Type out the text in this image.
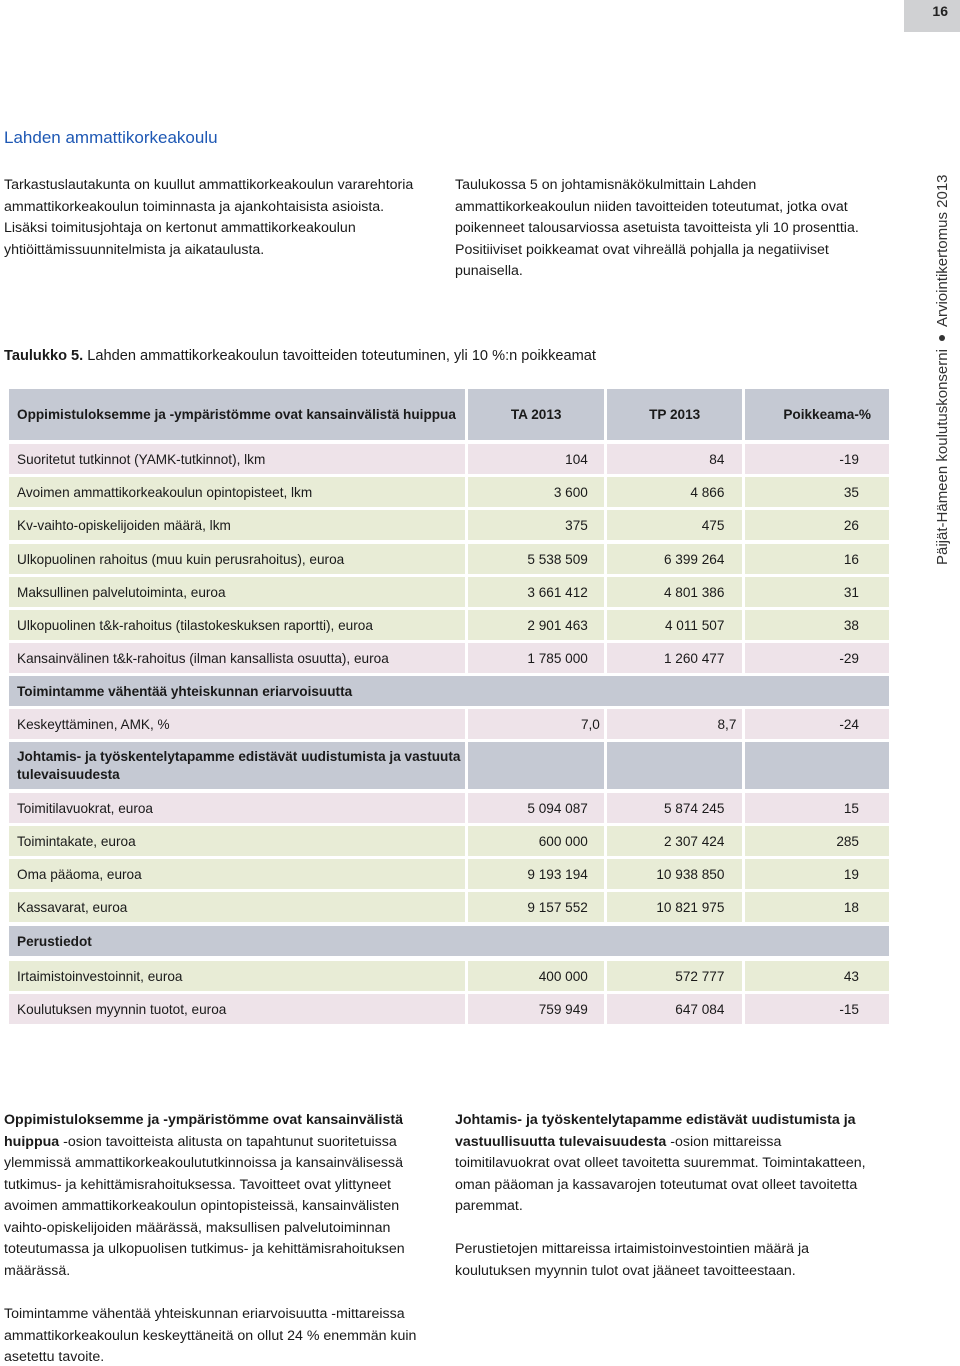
16
Päijät-Hämeen koulutuskonserniArviointikertomus 2013
Lahden ammattikorkeakoulu
Tarkastuslautakunta on kuullut ammattikorkeakoulun vararehtoria ammattikorkeakoulun toiminnasta ja ajankohtaisista asioista. Lisäksi toimitusjohtaja on kertonut ammattikorkeakoulun yhtiöittämissuunnitelmista ja aikataulusta.
Taulukossa 5 on johtamisnäkökulmittain Lahden ammattikorkeakoulun niiden tavoitteiden toteutumat, jotka ovat poikenneet talousarviossa asetuista tavoitteista yli 10 prosenttia. Positiiviset poikkeamat ovat vihreällä pohjalla ja negatiiviset punaisella.
Taulukko 5. Lahden ammattikorkeakoulun tavoitteiden toteutuminen, yli 10 %:n poikkeamat
Oppimistuloksemme ja -ympäristömme ovat kansainvälistä huippua	TA 2013	TP 2013	Poikkeama-%
Suoritetut tutkinnot (YAMK-tutkinnot), lkm	104	84	-19
Avoimen ammattikorkeakoulun opintopisteet, lkm	3 600	4 866	35
Kv-vaihto-opiskelijoiden määrä, lkm	375	475	26
Ulkopuolinen rahoitus (muu kuin perusrahoitus), euroa	5 538 509	6 399 264	16
Maksullinen palvelutoiminta, euroa	3 661 412	4 801 386	31
Ulkopuolinen t&k-rahoitus (tilastokeskuksen raportti), euroa	2 901 463	4 011 507	38
Kansainvälinen t&k-rahoitus (ilman kansallista osuutta), euroa	1 785 000	1 260 477	-29
Toimintamme vähentää yhteiskunnan eriarvoisuutta
Keskeyttäminen, AMK, %	7,0	8,7	-24
Johtamis- ja työskentelytapamme edistävät uudistumista ja vastuuta tulevaisuudesta
Toimitilavuokrat, euroa	5 094 087	5 874 245	15
Toimintakate, euroa	600 000	2 307 424	285
Oma pääoma, euroa	9 193 194	10 938 850	19
Kassavarat, euroa	9 157 552	10 821 975	18
Perustiedot
Irtaimistoinvestoinnit, euroa	400 000	572 777	43
Koulutuksen myynnin tuotot, euroa	759 949	647 084	-15
Oppimistuloksemme ja -ympäristömme ovat kansainvälistä huippua -osion tavoitteista alitusta on tapahtunut suoritetuissa ylemmissä ammattikorkeakoulututkinnoissa ja kansainvälisessä tutkimus- ja kehittämisrahoituksessa. Tavoitteet ovat ylittyneet avoimen ammattikorkeakoulun opintopisteissä, kansainvälisten vaihto-opiskelijoiden määrässä, maksullisen palvelutoiminnan toteutumassa ja ulkopuolisen tutkimus- ja kehittämisrahoituksen määrässä.
Toimintamme vähentää yhteiskunnan eriarvoisuutta -mittareissa ammattikorkeakoulun keskeyttäneitä on ollut 24 % enemmän kuin asetettu tavoite.
Johtamis- ja työskentelytapamme edistävät uudistumista ja vastuullisuutta tulevaisuudesta -osion mittareissa toimitilavuokrat ovat olleet tavoitetta suuremmat. Toimintakatteen, oman pääoman ja kassavarojen toteutumat ovat olleet tavoitetta paremmat.
Perustietojen mittareissa irtaimistoinvestointien määrä ja koulutuksen myynnin tulot ovat jääneet tavoitteestaan.
